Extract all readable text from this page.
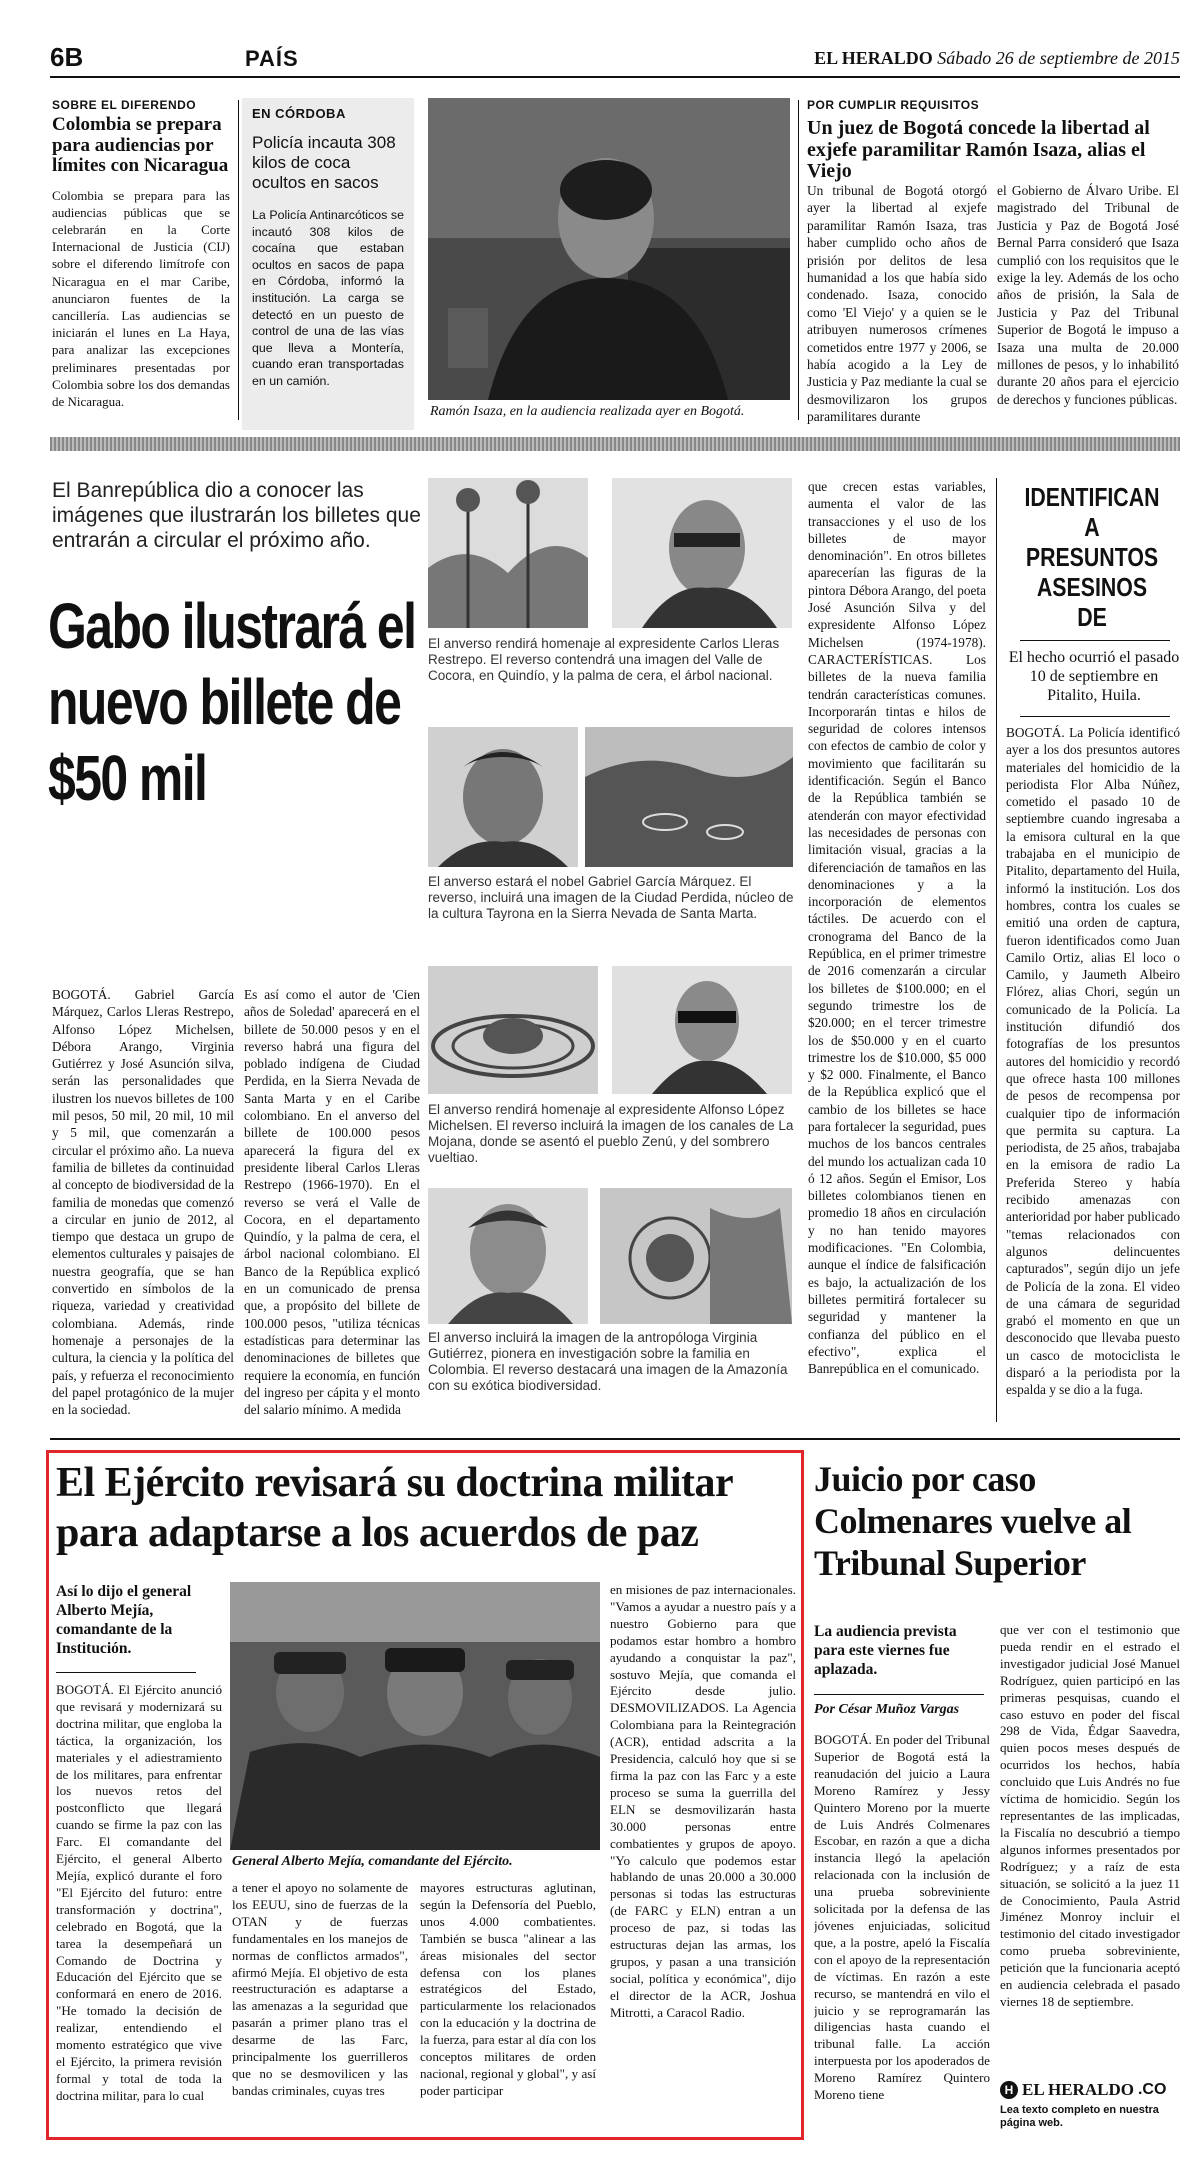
6B	PAÍS	EL HERALDO Sábado 26 de septiembre de 2015
SOBRE EL DIFERENDO
Colombia se prepara para audiencias por límites con Nicaragua
Colombia se prepara para las audiencias públicas que se celebrarán en la Corte Internacional de Justicia (CIJ) sobre el diferendo limítrofe con Nicaragua en el mar Caribe, anunciaron fuentes de la cancillería. Las audiencias se iniciarán el lunes en La Haya, para analizar las excepciones preliminares presentadas por Colombia sobre los dos demandas de Nicaragua.
EN CÓRDOBA
Policía incauta 308 kilos de coca ocultos en sacos
La Policía Antinarcóticos se incautó 308 kilos de cocaína que estaban ocultos en sacos de papa en Córdoba, informó la institución. La carga se detectó en un puesto de control de una de las vías que lleva a Montería, cuando eran transportadas en un camión.
Ramón Isaza, en la audiencia realizada ayer en Bogotá.
POR CUMPLIR REQUISITOS
Un juez de Bogotá concede la libertad al exjefe paramilitar Ramón Isaza, alias el Viejo
Un tribunal de Bogotá otorgó ayer la libertad al exjefe paramilitar Ramón Isaza, tras haber cumplido ocho años de prisión por delitos de lesa humanidad a los que había sido condenado. Isaza, conocido como 'El Viejo' y a quien se le atribuyen numerosos crímenes cometidos entre 1977 y 2006, se había acogido a la Ley de Justicia y Paz mediante la cual se desmovilizaron los grupos paramilitares durante
el Gobierno de Álvaro Uribe. El magistrado del Tribunal de Justicia y Paz de Bogotá José Bernal Parra consideró que Isaza cumplió con los requisitos que le exige la ley. Además de los ocho años de prisión, la Sala de Justicia y Paz del Tribunal Superior de Bogotá le impuso a Isaza una multa de 20.000 millones de pesos, y lo inhabilitó durante 20 años para el ejercicio de derechos y funciones públicas.
El Banrepública dio a conocer las imágenes que ilustrarán los billetes que entrarán a circular el próximo año.
Gabo ilustrará el nuevo billete de $50 mil
El anverso rendirá homenaje al expresidente Carlos Lleras Restrepo. El reverso contendrá una imagen del Valle de Cocora, en Quindío, y la palma de cera, el árbol nacional.
El anverso estará el nobel Gabriel García Márquez. El reverso, incluirá una imagen de la Ciudad Perdida, núcleo de la cultura Tayrona en la Sierra Nevada de Santa Marta.
El anverso rendirá homenaje al expresidente Alfonso López Michelsen. El reverso incluirá la imagen de los canales de La Mojana, donde se asentó el pueblo Zenú, y del sombrero vueltiao.
El anverso incluirá la imagen de la antropóloga Virginia Gutiérrez, pionera en investigación sobre la familia en Colombia. El reverso destacará una imagen de la Amazonía con su exótica biodiversidad.
BOGOTÁ. Gabriel García Márquez, Carlos Lleras Restrepo, Alfonso López Michelsen, Débora Arango, Virginia Gutiérrez y José Asunción silva, serán las personalidades que ilustren los nuevos billetes de 100 mil pesos, 50 mil, 20 mil, 10 mil y 5 mil, que comenzarán a circular el próximo año. La nueva familia de billetes da continuidad al concepto de biodiversidad de la familia de monedas que comenzó a circular en junio de 2012, al tiempo que destaca un grupo de elementos culturales y paisajes de nuestra geografía, que se han convertido en símbolos de la riqueza, variedad y creatividad colombiana. Además, rinde homenaje a personajes de la cultura, la ciencia y la política del país, y refuerza el reconocimiento del papel protagónico de la mujer en la sociedad.
Es así como el autor de 'Cien años de Soledad' aparecerá en el billete de 50.000 pesos y en el reverso habrá una figura del poblado indígena de Ciudad Perdida, en la Sierra Nevada de Santa Marta y en el Caribe colombiano. En el anverso del billete de 100.000 pesos aparecerá la figura del ex presidente liberal Carlos Lleras Restrepo (1966-1970). En el reverso se verá el Valle de Cocora, en el departamento Quindío, y la palma de cera, el árbol nacional colombiano. El Banco de la República explicó en un comunicado de prensa que, a propósito del billete de 100.000 pesos, "utiliza técnicas estadísticas para determinar las denominaciones de billetes que requiere la economía, en función del ingreso per cápita y el monto del salario mínimo. A medida
que crecen estas variables, aumenta el valor de las transacciones y el uso de los billetes de mayor denominación". En otros billetes aparecerían las figuras de la pintora Débora Arango, del poeta José Asunción Silva y del expresidente Alfonso López Michelsen (1974-1978). CARACTERÍSTICAS. Los billetes de la nueva familia tendrán características comunes. Incorporarán tintas e hilos de seguridad de colores intensos con efectos de cambio de color y movimiento que facilitarán su identificación. Según el Banco de la República también se atenderán con mayor efectividad las necesidades de personas con limitación visual, gracias a la diferenciación de tamaños en las denominaciones y a la incorporación de elementos táctiles. De acuerdo con el cronograma del Banco de la República, en el primer trimestre de 2016 comenzarán a circular los billetes de $100.000; en el segundo trimestre los de $20.000; en el tercer trimestre los de $50.000 y en el cuarto trimestre los de $10.000, $5 000 y $2 000. Finalmente, el Banco de la República explicó que el cambio de los billetes se hace para fortalecer la seguridad, pues muchos de los bancos centrales del mundo los actualizan cada 10 ó 12 años. Según el Emisor, Los billetes colombianos tienen en promedio 18 años en circulación y no han tenido mayores modificaciones. "En Colombia, aunque el índice de falsificación es bajo, la actualización de los billetes permitirá fortalecer su seguridad y mantener la confianza del público en el efectivo", explica el Banrepública en el comunicado.
IDENTIFICAN A PRESUNTOS ASESINOS DE
El hecho ocurrió el pasado 10 de septiembre en Pitalito, Huila.
BOGOTÁ. La Policía identificó ayer a los dos presuntos autores materiales del homicidio de la periodista Flor Alba Núñez, cometido el pasado 10 de septiembre cuando ingresaba a la emisora cultural en la que trabajaba en el municipio de Pitalito, departamento del Huila, informó la institución. Los dos hombres, contra los cuales se emitió una orden de captura, fueron identificados como Juan Camilo Ortiz, alias El loco o Camilo, y Jaumeth Albeiro Flórez, alias Chori, según un comunicado de la Policía. La institución difundió dos fotografías de los presuntos autores del homicidio y recordó que ofrece hasta 100 millones de pesos de recompensa por cualquier tipo de información que permita su captura. La periodista, de 25 años, trabajaba en la emisora de radio La Preferida Stereo y había recibido amenazas con anterioridad por haber publicado "temas relacionados con algunos delincuentes capturados", según dijo un jefe de Policía de la zona. El video de una cámara de seguridad grabó el momento en que un desconocido que llevaba puesto un casco de motociclista le disparó a la periodista por la espalda y se dio a la fuga.
El Ejército revisará su doctrina militar para adaptarse a los acuerdos de paz
Así lo dijo el general Alberto Mejía, comandante de la Institución.
General Alberto Mejía, comandante del Ejército.
BOGOTÁ. El Ejército anunció que revisará y modernizará su doctrina militar, que engloba la táctica, la organización, los materiales y el adiestramiento de los militares, para enfrentar los nuevos retos del postconflicto que llegará cuando se firme la paz con las Farc. El comandante del Ejército, el general Alberto Mejía, explicó durante el foro "El Ejército del futuro: entre transformación y doctrina", celebrado en Bogotá, que la tarea la desempeñará un Comando de Doctrina y Educación del Ejército que se conformará en enero de 2016. "He tomado la decisión de realizar, entendiendo el momento estratégico que vive el Ejército, la primera revisión formal y total de toda la doctrina militar, para lo cual
a tener el apoyo no solamente de los EEUU, sino de fuerzas de la OTAN y de fuerzas fundamentales en los manejos de normas de conflictos armados", afirmó Mejía. El objetivo de esta reestructuración es adaptarse a las amenazas a la seguridad que pasarán a primer plano tras el desarme de las Farc, principalmente los guerrilleros que no se desmovilicen y las bandas criminales, cuyas tres
mayores estructuras aglutinan, según la Defensoría del Pueblo, unos 4.000 combatientes. También se busca "alinear a las áreas misionales del sector defensa con los planes estratégicos del Estado, particularmente los relacionados con la educación y la doctrina de la fuerza, para estar al día con los conceptos militares de orden nacional, regional y global", y así poder participar
en misiones de paz internacionales. "Vamos a ayudar a nuestro país y a nuestro Gobierno para que podamos estar hombro a hombro ayudando a conquistar la paz", sostuvo Mejía, que comanda el Ejército desde julio. DESMOVILIZADOS. La Agencia Colombiana para la Reintegración (ACR), entidad adscrita a la Presidencia, calculó hoy que si se firma la paz con las Farc y a este proceso se suma la guerrilla del ELN se desmovilizarán hasta 30.000 personas entre combatientes y grupos de apoyo. "Yo calculo que podemos estar hablando de unas 20.000 a 30.000 personas si todas las estructuras (de FARC y ELN) entran a un proceso de paz, si todas las estructuras dejan las armas, los grupos, y pasan a una transición social, política y económica", dijo el director de la ACR, Joshua Mitrotti, a Caracol Radio.
Juicio por caso Colmenares vuelve al Tribunal Superior
La audiencia prevista para este viernes fue aplazada.
Por César Muñoz Vargas
BOGOTÁ. En poder del Tribunal Superior de Bogotá está la reanudación del juicio a Laura Moreno Ramírez y Jessy Quintero Moreno por la muerte de Luis Andrés Colmenares Escobar, en razón a que a dicha instancia llegó la apelación relacionada con la inclusión de una prueba sobreviniente solicitada por la defensa de las jóvenes enjuiciadas, solicitud que, a la postre, apeló la Fiscalía con el apoyo de la representación de víctimas. En razón a este recurso, se mantendrá en vilo el juicio y se reprogramarán las diligencias hasta cuando el tribunal falle. La acción interpuesta por los apoderados de Moreno Ramírez Quintero Moreno tiene
que ver con el testimonio que pueda rendir en el estrado el investigador judicial José Manuel Rodríguez, quien participó en las primeras pesquisas, cuando el caso estuvo en poder del fiscal 298 de Vida, Édgar Saavedra, quien pocos meses después de ocurridos los hechos, había concluido que Luis Andrés no fue víctima de homicidio. Según los representantes de las implicadas, la Fiscalía no descubrió a tiempo algunos informes presentados por Rodríguez; y a raíz de esta situación, se solicitó a la juez 11 de Conocimiento, Paula Astrid Jiménez Monroy incluir el testimonio del citado investigador como prueba sobreviniente, petición que la funcionaria aceptó en audiencia celebrada el pasado viernes 18 de septiembre.
H EL HERALDO .CO
Lea texto completo en nuestra página web.
